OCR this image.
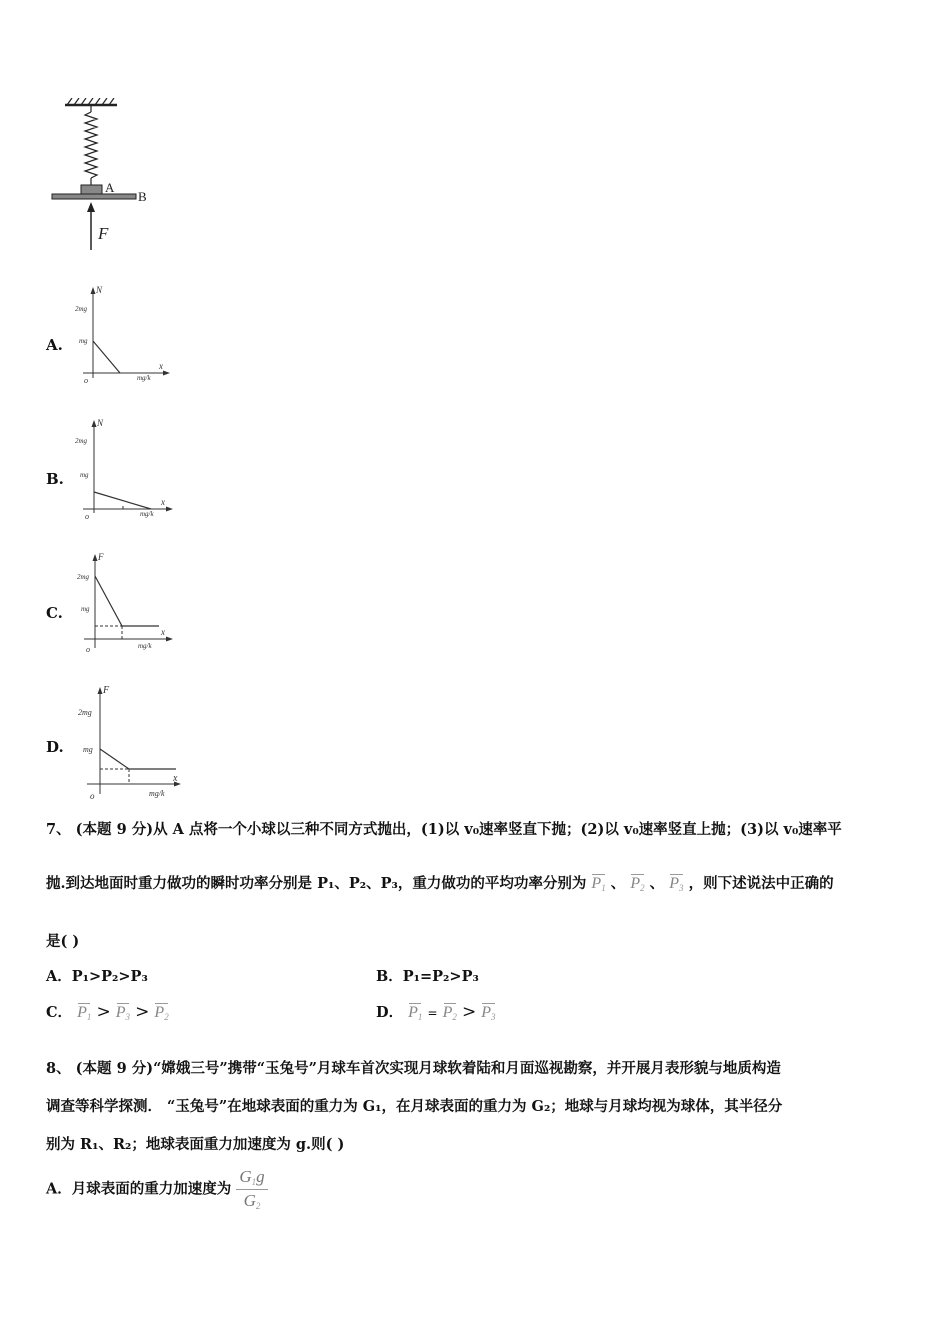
A
B
F
A.
N
x
2mg
mg
o	mg/k
B.
N
x
2mg
mg
o	mg/k
C.
F
x
2mg
mg
o	mg/k
D.
F
x
2mg
mg
o	mg/k
7、 (本题 9 分)从 A 点将一个小球以三种不同方式抛出，(1)以 v₀速率竖直下抛；(2)以 v₀速率竖直上抛；(3)以 v₀速率平
抛.到达地面时重力做功的瞬时功率分别是 P₁、P₂、P₃，重力做功的平均功率分别为 $P_1$ 、 $P_2$ 、 $P_3$ ，则下述说法中正确的
是( )
A．P₁>P₂>P₃	B．P₁=P₂>P₃
C． $P_1 > P_3 > P_2$	D． $P_1 = P_2 > P_3$
8、 (本题 9 分)“嫦娥三号”携带“玉兔号”月球车首次实现月球软着陆和月面巡视勘察，并开展月表形貌与地质构造
调查等科学探测． “玉兔号”在地球表面的重力为 G₁，在月球表面的重力为 G₂；地球与月球均视为球体，其半径分
别为 R₁、R₂；地球表面重力加速度为 g.则( )
A．月球表面的重力加速度为 $\frac{G_1g}{G_2}$
